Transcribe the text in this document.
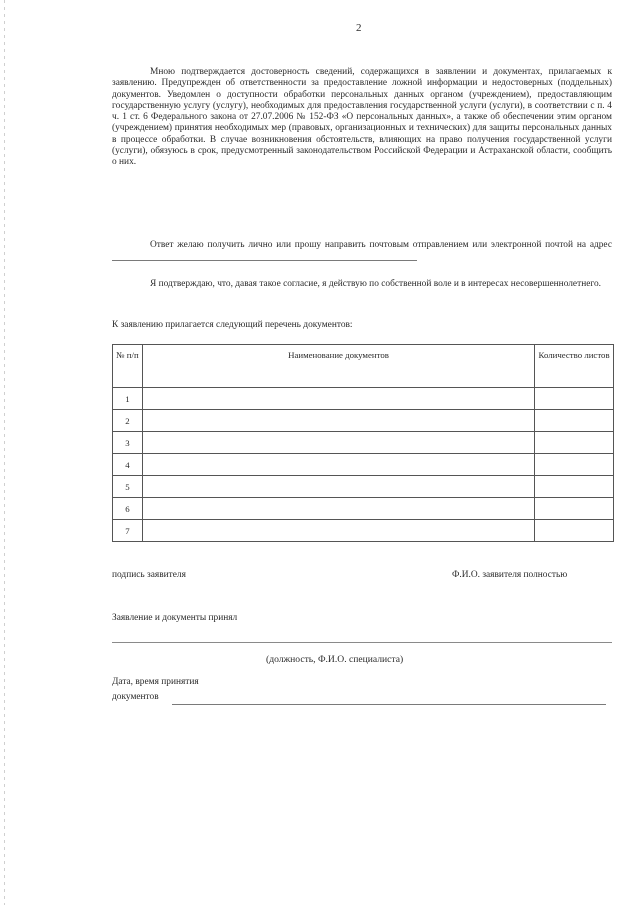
2

Мною подтверждается достоверность сведений, содержащихся в заявлении и документах, прилагаемых к заявлению. Предупрежден об ответственности за предоставление ложной информации и недостоверных (поддельных) документов. Уведомлен о доступности обработки персональных данных органом (учреждением), предоставляющим государственную услугу (услугу), необходимых для предоставления государственной услуги (услуги), в соответствии с п. 4 ч. 1 ст. 6 Федерального закона от 27.07.2006 № 152-ФЗ «О персональных данных», а также об обеспечении этим органом (учреждением) принятия необходимых мер (правовых, организационных и технических) для защиты персональных данных в процессе обработки. В случае возникновения обстоятельств, влияющих на право получения государственной услуги (услуги), обязуюсь в срок, предусмотренный законодательством Российской Федерации и Астраханской области, сообщить о них.

Ответ желаю получить лично или прошу направить почтовым отправлением или электронной почтой на адрес

Я подтверждаю, что, давая такое согласие, я действую по собственной воле и в интересах несовершеннолетнего.

К заявлению прилагается следующий перечень документов:
№ п/п	Наименование документов	Количество листов
1		
2		
3		
4		
5		
6		
7		
подпись заявителя	Ф.И.О. заявителя полностью
Заявление и документы принял
(должность, Ф.И.О. специалиста)
Дата, время принятия
документов
